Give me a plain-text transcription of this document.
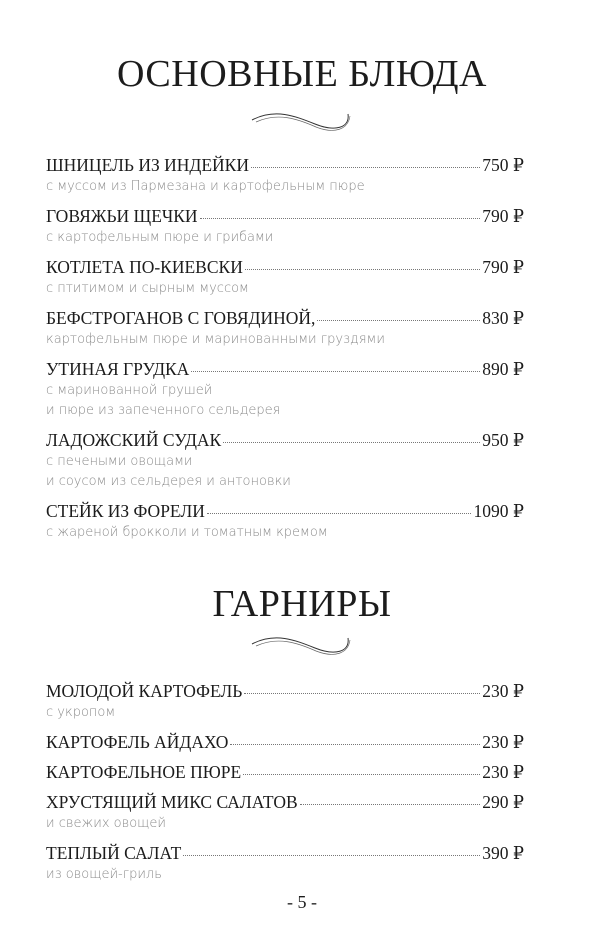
ОСНОВНЫЕ БЛЮДА
ШНИЦЕЛЬ ИЗ ИНДЕЙКИ	750 ₽
с муссом из Пармезана и картофельным пюре
ГОВЯЖЬИ ЩЕЧКИ	790 ₽
с картофельным пюре и грибами
КОТЛЕТА ПО-КИЕВСКИ	790 ₽
с птитимом и сырным муссом
БЕФСТРОГАНОВ С ГОВЯДИНОЙ,	830 ₽
картофельным пюре и маринованными груздями
УТИНАЯ ГРУДКА	890 ₽
с маринованной грушей
и пюре из запеченного сельдерея
ЛАДОЖСКИЙ СУДАК	950 ₽
с печеными овощами
и соусом из сельдерея и антоновки
СТЕЙК ИЗ ФОРЕЛИ	1090 ₽
с жареной брокколи и томатным кремом
ГАРНИРЫ
МОЛОДОЙ КАРТОФЕЛЬ	230 ₽
с укропом
КАРТОФЕЛЬ АЙДАХО	230 ₽
КАРТОФЕЛЬНОЕ ПЮРЕ	230 ₽
ХРУСТЯЩИЙ МИКС САЛАТОВ	290 ₽
и свежих овощей
ТЕПЛЫЙ САЛАТ	390 ₽
из овощей-гриль
- 5 -
